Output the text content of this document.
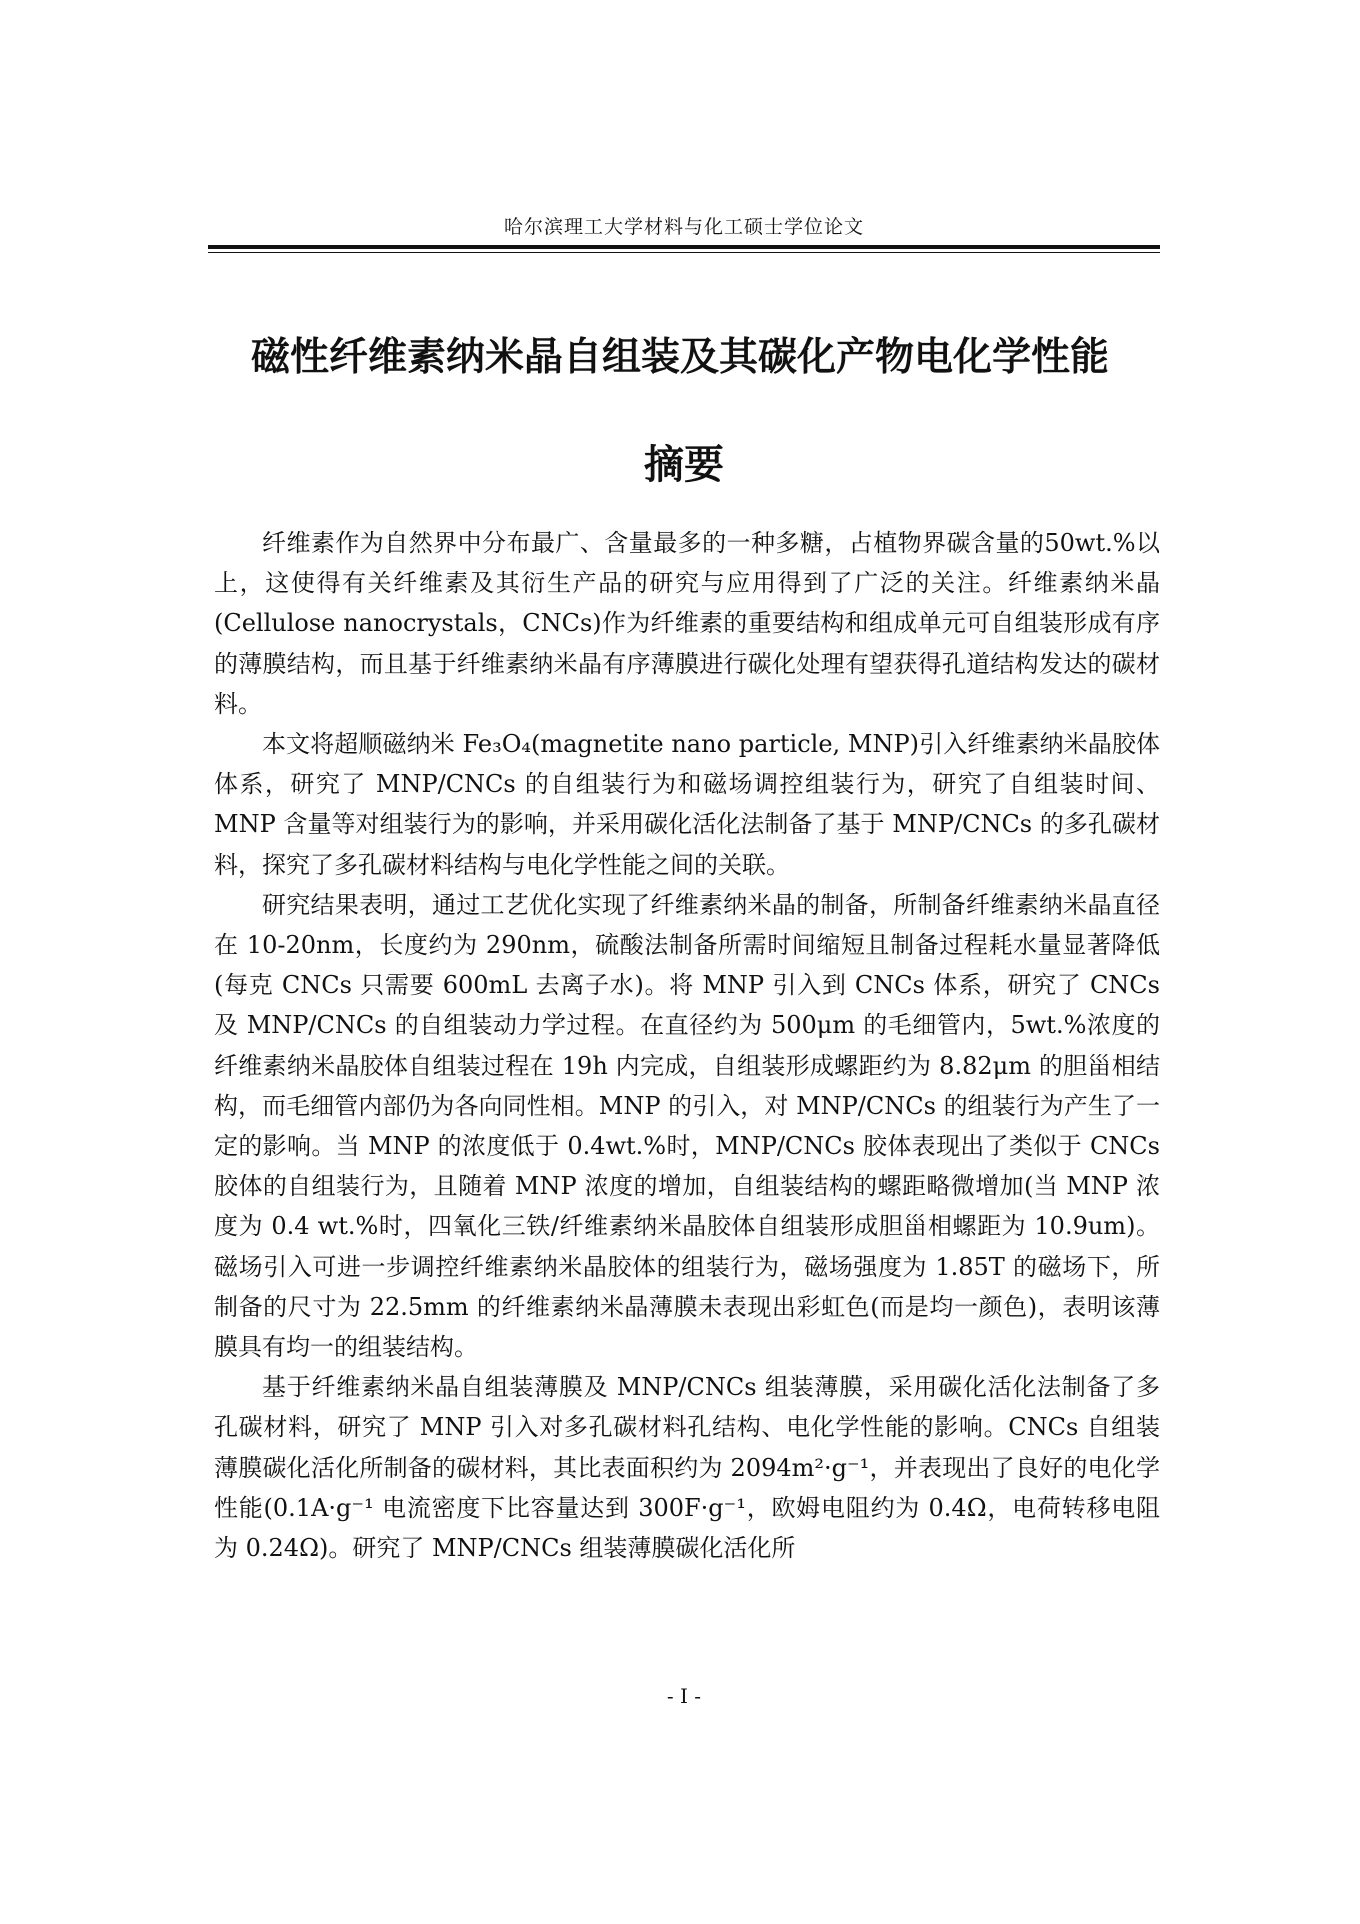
哈尔滨理工大学材料与化工硕士学位论文
磁性纤维素纳米晶自组装及其碳化产物电化学性能
摘要

纤维素作为自然界中分布最广、含量最多的一种多糖，占植物界碳含量的50wt.%以上，这使得有关纤维素及其衍生产品的研究与应用得到了广泛的关注。纤维素纳米晶(Cellulose nanocrystals，CNCs)作为纤维素的重要结构和组成单元可自组装形成有序的薄膜结构，而且基于纤维素纳米晶有序薄膜进行碳化处理有望获得孔道结构发达的碳材料。

本文将超顺磁纳米 Fe₃O₄(magnetite nano particle, MNP)引入纤维素纳米晶胶体体系，研究了 MNP/CNCs 的自组装行为和磁场调控组装行为，研究了自组装时间、MNP 含量等对组装行为的影响，并采用碳化活化法制备了基于 MNP/CNCs 的多孔碳材料，探究了多孔碳材料结构与电化学性能之间的关联。

研究结果表明，通过工艺优化实现了纤维素纳米晶的制备，所制备纤维素纳米晶直径在 10-20nm，长度约为 290nm，硫酸法制备所需时间缩短且制备过程耗水量显著降低(每克 CNCs 只需要 600mL 去离子水)。将 MNP 引入到 CNCs 体系，研究了 CNCs 及 MNP/CNCs 的自组装动力学过程。在直径约为 500μm 的毛细管内，5wt.%浓度的纤维素纳米晶胶体自组装过程在 19h 内完成，自组装形成螺距约为 8.82μm 的胆甾相结构，而毛细管内部仍为各向同性相。MNP 的引入，对 MNP/CNCs 的组装行为产生了一定的影响。当 MNP 的浓度低于 0.4wt.%时，MNP/CNCs 胶体表现出了类似于 CNCs 胶体的自组装行为，且随着 MNP 浓度的增加，自组装结构的螺距略微增加(当 MNP 浓度为 0.4 wt.%时，四氧化三铁/纤维素纳米晶胶体自组装形成胆甾相螺距为 10.9um)。磁场引入可进一步调控纤维素纳米晶胶体的组装行为，磁场强度为 1.85T 的磁场下，所制备的尺寸为 22.5mm 的纤维素纳米晶薄膜未表现出彩虹色(而是均一颜色)，表明该薄膜具有均一的组装结构。

基于纤维素纳米晶自组装薄膜及 MNP/CNCs 组装薄膜，采用碳化活化法制备了多孔碳材料，研究了 MNP 引入对多孔碳材料孔结构、电化学性能的影响。CNCs 自组装薄膜碳化活化所制备的碳材料，其比表面积约为 2094m²·g⁻¹，并表现出了良好的电化学性能(0.1A·g⁻¹ 电流密度下比容量达到 300F·g⁻¹，欧姆电阻约为 0.4Ω，电荷转移电阻为 0.24Ω)。研究了 MNP/CNCs 组装薄膜碳化活化所

- I -
